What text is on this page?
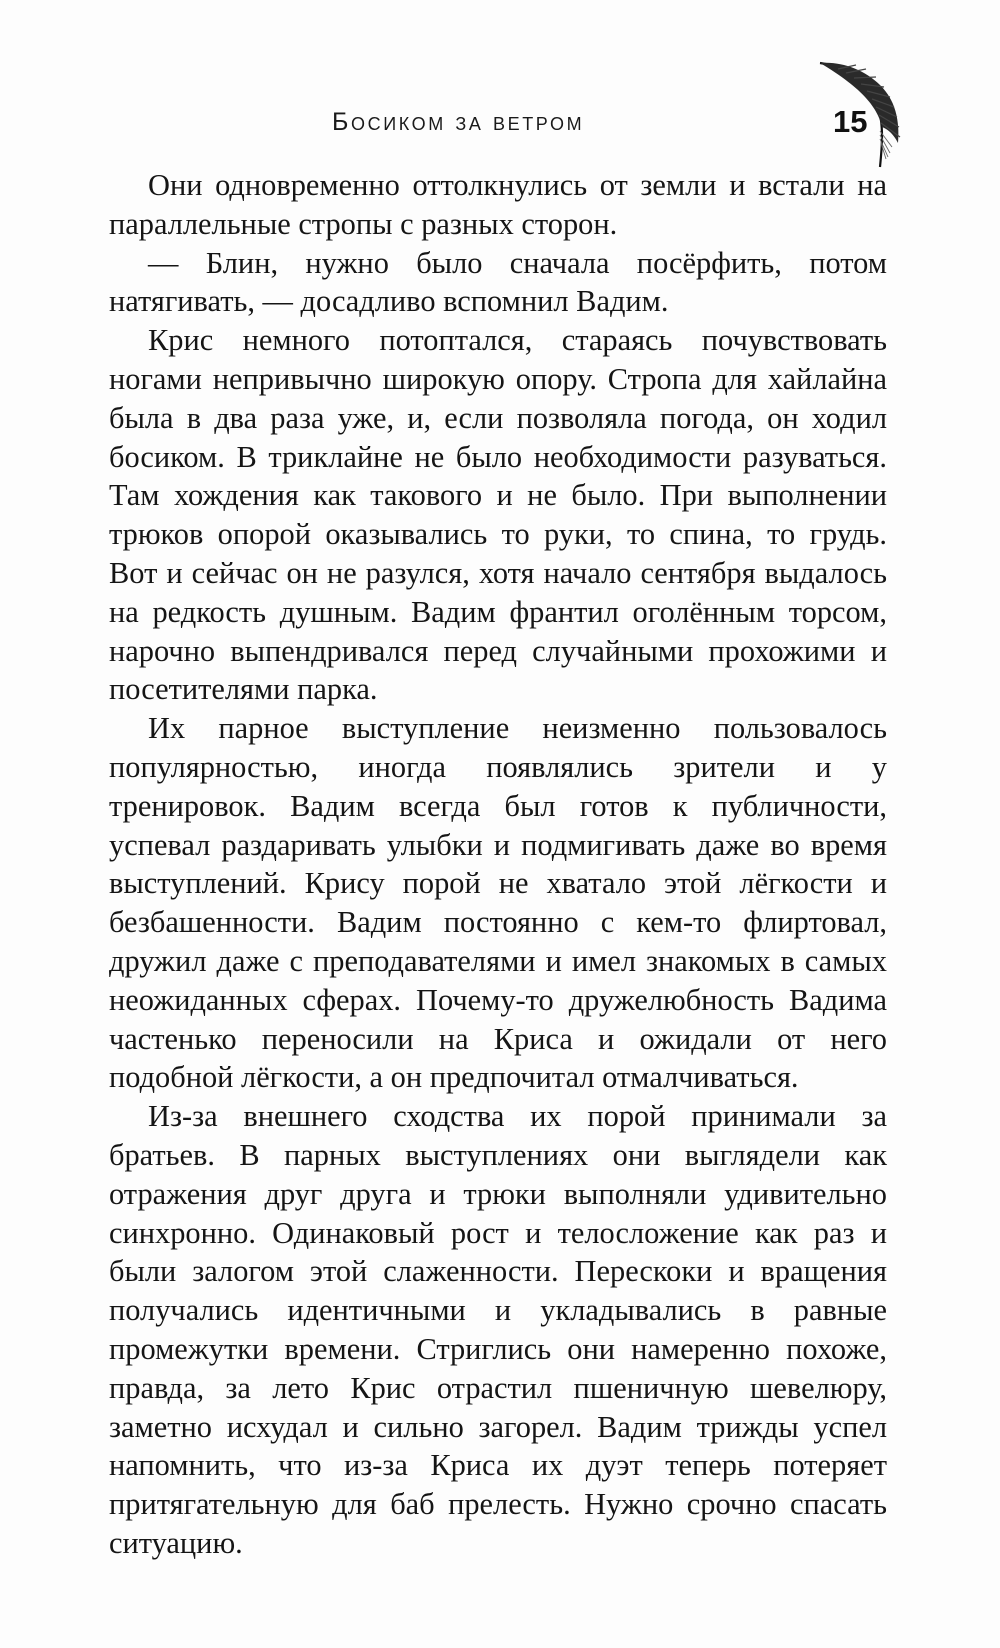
Босиком за ветром	15

Они одновременно оттолкнулись от земли и встали на параллельные стропы с разных сторон.

— Блин, нужно было сначала посёрфить, потом натягивать, — досадливо вспомнил Вадим.

Крис немного потоптался, стараясь почувствовать ногами непривычно широкую опору. Стропа для хайлайна была в два раза уже, и, если позволяла погода, он ходил босиком. В триклайне не было необходимости разуваться. Там хождения как такового и не было. При выполнении трюков опорой оказывались то руки, то спина, то грудь. Вот и сейчас он не разулся, хотя начало сентября выдалось на редкость душным. Вадим франтил оголённым торсом, нарочно выпендривался перед случайными прохожими и посетителями парка.

Их парное выступление неизменно пользовалось популярностью, иногда появлялись зрители и у тренировок. Вадим всегда был готов к публичности, успевал раздаривать улыбки и подмигивать даже во время выступлений. Крису порой не хватало этой лёгкости и безбашенности. Вадим постоянно с кем-то флиртовал, дружил даже с преподавателями и имел знакомых в самых неожиданных сферах. Почему-то дружелюбность Вадима частенько переносили на Криса и ожидали от него подобной лёгкости, а он предпочитал отмалчиваться.

Из-за внешнего сходства их порой принимали за братьев. В парных выступлениях они выглядели как отражения друг друга и трюки выполняли удивительно синхронно. Одинаковый рост и телосложение как раз и были залогом этой слаженности. Перескоки и вращения получались идентичными и укладывались в равные промежутки времени. Стриглись они намеренно похоже, правда, за лето Крис отрастил пшеничную шевелюру, заметно исхудал и сильно загорел. Вадим трижды успел напомнить, что из-за Криса их дуэт теперь потеряет притягательную для баб прелесть. Нужно срочно спасать ситуацию.
